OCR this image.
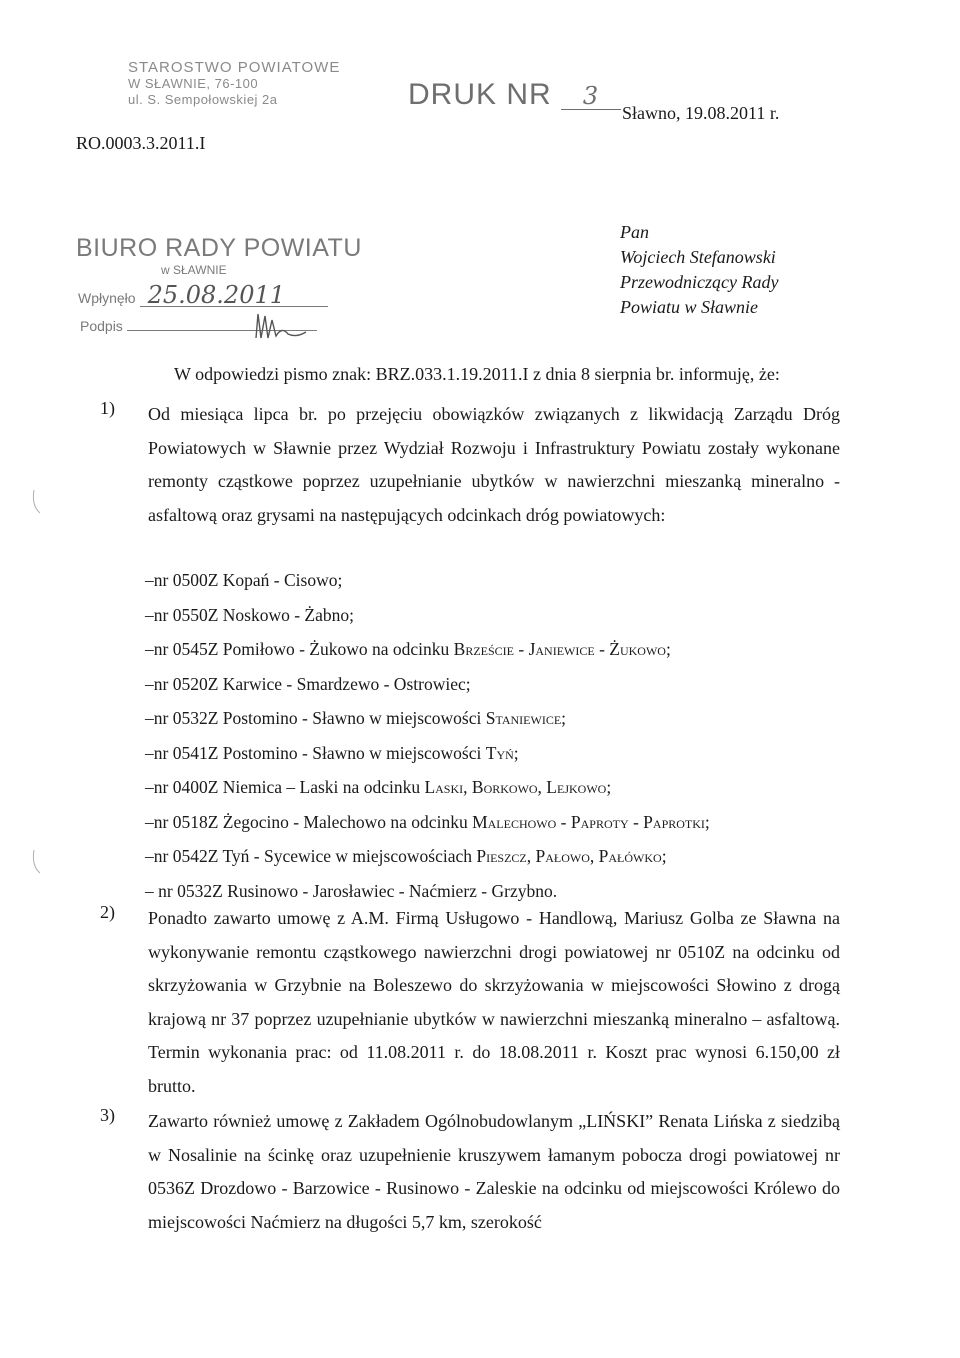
STAROSTWO POWIATOWE
W SŁAWNIE, 76-100
ul. S. Sempołowskiej 2a	DRUK NR 3
Sławno, 19.08.2011 r.
RO.0003.3.2011.I
BIURO RADY POWIATU
w SŁAWNIE
Wpłynęło 25.08.2011
Podpis
Pan
Wojciech Stefanowski
Przewodniczący Rady
Powiatu w Sławnie
W odpowiedzi pismo znak: BRZ.033.1.19.2011.I z dnia 8 sierpnia br. informuję, że:
1) Od miesiąca lipca br. po przejęciu obowiązków związanych z likwidacją Zarządu Dróg Powiatowych w Sławnie przez Wydział Rozwoju i Infrastruktury Powiatu zostały wykonane remonty cząstkowe poprzez uzupełnianie ubytków w nawierzchni mieszanką mineralno - asfaltową oraz grysami na następujących odcinkach dróg powiatowych:
–nr 0500Z Kopań - Cisowo;
–nr 0550Z Noskowo - Żabno;
–nr 0545Z Pomiłowo - Żukowo na odcinku Brzeście - Janiewice - Żukowo;
–nr 0520Z Karwice - Smardzewo - Ostrowiec;
–nr 0532Z Postomino - Sławno w miejscowości Staniewice;
–nr 0541Z Postomino - Sławno w miejscowości Tyń;
–nr 0400Z Niemica – Laski na odcinku Laski, Borkowo, Lejkowo;
–nr 0518Z Żegocino - Malechowo na odcinku Malechowo - Paproty - Paprotki;
–nr 0542Z Tyń - Sycewice w miejscowościach Pieszcz, Pałowo, Pałówko;
– nr 0532Z Rusinowo - Jarosławiec - Naćmierz - Grzybno.
2) Ponadto zawarto umowę z A.M. Firmą Usługowo - Handlową, Mariusz Golba ze Sławna na wykonywanie remontu cząstkowego nawierzchni drogi powiatowej nr 0510Z na odcinku od skrzyżowania w Grzybnie na Boleszewo do skrzyżowania w miejscowości Słowino z drogą krajową nr 37 poprzez uzupełnianie ubytków w nawierzchni mieszanką mineralno – asfaltową. Termin wykonania prac: od 11.08.2011 r. do 18.08.2011 r. Koszt prac wynosi 6.150,00 zł brutto.
3) Zawarto również umowę z Zakładem Ogólnobudowlanym „LIŃSKI” Renata Lińska z siedzibą w Nosalinie na ścinkę oraz uzupełnienie kruszywem łamanym pobocza drogi powiatowej nr 0536Z Drozdowo - Barzowice - Rusinowo - Zaleskie na odcinku od miejscowości Królewo do miejscowości Naćmierz na długości 5,7 km, szerokość
